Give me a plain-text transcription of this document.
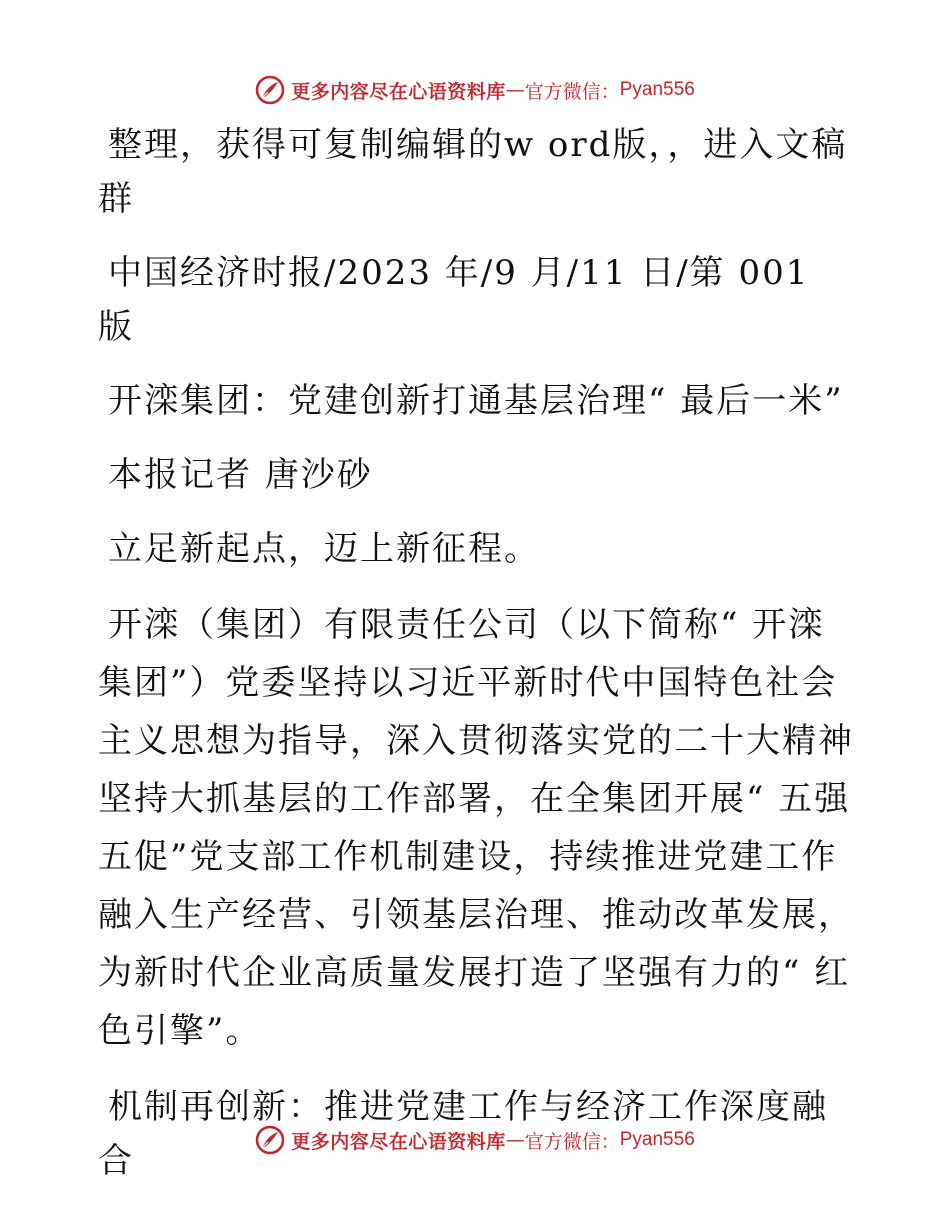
更多内容尽在心语资料库 — 官方微信： Pyan556

整理，获得可复制编辑的w ord版，，进入文稿群

中国经济时报/2023 年/9 月/11 日/第 001 版

开滦集团：党建创新打通基层治理“ 最后一米”

本报记者 唐沙砂

立足新起点，迈上新征程。

开滦（集团）有限责任公司（以下简称“ 开滦集团”）党委坚持以习近平新时代中国特色社会主义思想为指导，深入贯彻落实党的二十大精神坚持大抓基层的工作部署，在全集团开展“ 五强五促”党支部工作机制建设，持续推进党建工作融入生产经营、引领基层治理、推动改革发展，为新时代企业高质量发展打造了坚强有力的“ 红色引擎”。

机制再创新：推进党建工作与经济工作深度融合	更多内容尽在心语资料库 — 官方微信： Pyan556
